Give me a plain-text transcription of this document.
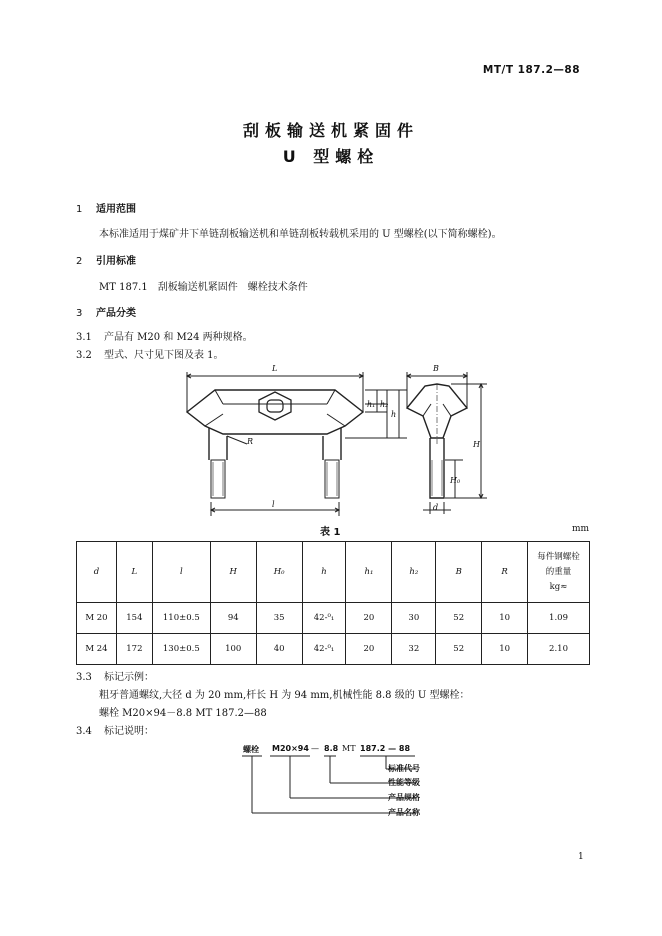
MT/T 187.2—88
刮板输送机紧固件
U 型螺栓
1 适用范围
本标准适用于煤矿井下单链刮板输送机和单链刮板转载机采用的 U 型螺栓(以下简称螺栓)。
2 引用标准
MT 187.1　刮板输送机紧固件　螺栓技术条件
3 产品分类
3.1 产品有 M20 和 M24 两种规格。
3.2 型式、尺寸见下图及表 1。
L	B
h₁ h₂
h
H
H₀
R
l	d
表 1	mm
d	L	l	H	H₀	h	h₁	h₂	B	R	每件钢螺栓
的重量
kg≈

M 20	154	110±0.5	94	35	42-⁰₁	20	30	52	10	1.09
M 24	172	130±0.5	100	40	42-⁰₁	20	32	52	10	2.10
3.3 标记示例：
粗牙普通螺纹,大径 d 为 20 mm,杆长 H 为 94 mm,机械性能 8.8 级的 U 型螺栓：
螺栓 M20×94－8.8 MT 187.2—88
3.4 标记说明：
螺栓 M20×94 — 8.8 MT 187.2 — 88
标准代号
性能等级
产品规格
产品名称
1
